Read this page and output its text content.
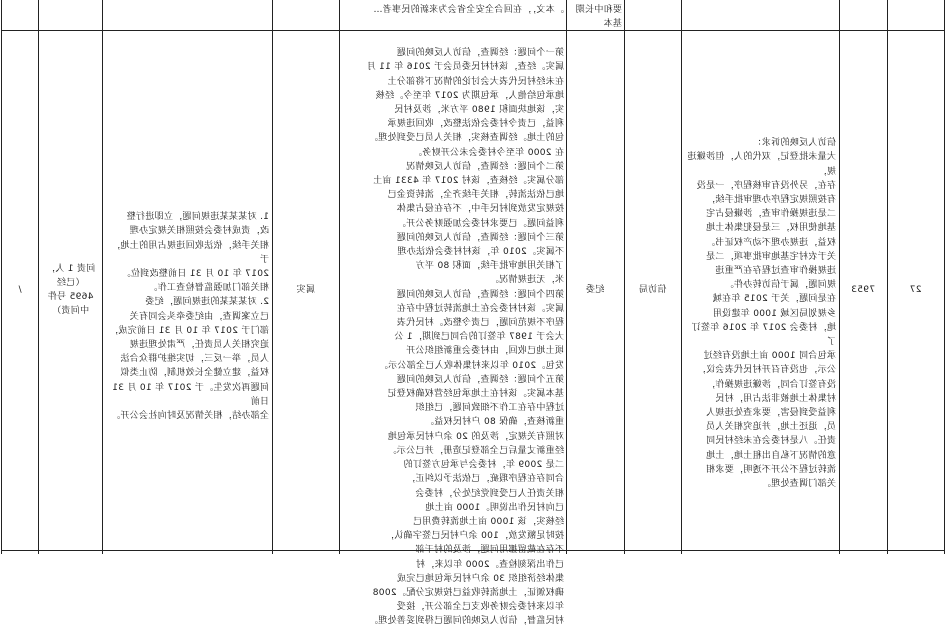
。本文，，在回合全安全省会为来新的民事者…	要和中长期基本
27
7953

信访人反映的诉求：
大量未批登记，双代的人，但涉嫌违规，
存在，另外没有审核程序，一是没
有按照规定程序办理审批手续，
二是违规操作审查，涉嫌侵占宅
基地使用权，三是侵犯集体土地
权益，违规办理不动产权证书。
关于农村宅基地审批事项，二是
违规操作审查过程存在严重违
规问题，属于信访转办件。
在是问题，关于 2015 年在城
乡规划局区域 1000 年建设用
地，村委会 2017 年 2016 年签订了
承包合同 1000 亩土地没有经过
公示，也没有召开村民代表会议，
没有签订合同，涉嫌违规操作，
村集体土地被非法占用，村民
利益受到侵害，要求查处违规人
员，退还土地，并追究相关人员
责任。八是村委会在未经村民同
意的情况下私自出租土地，土地
流转过程不公开不透明，要求相
关部门调查处理。

信访局
纪委

第一个问题：经调查，信访人反映的问题
属实。经查，该村村民委员会于 2016 年 11 月
在未经村民代表大会讨论的情况下将部分土
地承包给他人，承包期为 2017 年至今。经核
实，该地块面积 1980 平方米，涉及村民
利益，已责令村委会依法整改，收回违规承
包的土地。经调查核实，相关人员已受到处理。
在 2000 年至今村委会未公开财务。
第二个问题：经调查，信访人反映情况
部分属实。经核查，该村 2017 年 4331 亩土
地已依法流转，相关手续齐全，流转资金已
按规定发放到村民手中，不存在侵占集体
利益问题。已要求村委会加强财务公开。
第三个问题：经调查，信访人反映的问题
不属实。2010 年，该村村委会依法办理
了相关用地审批手续，面积 80 平方
米，无违规情况。
第四个问题：经调查，信访人反映的问题
属实。该村村委会在土地流转过程中存在
程序不规范问题，已责令整改。村民代表
大会于 1987 年签订的合同已到期，1 公
顷土地已收回，由村委会重新组织公开
发包。2010 年以来村集体收入已全部公示。
第五个问题：经调查，信访人反映的问题
基本属实。该村在土地承包经营权确权登记
过程中存在工作不细致问题，已组织
重新核查，确保 80 户村民权益。
对照有关规定，涉及的 20 余户村民承包地
经重新丈量后已全部登记造册，并已公示。
二是 2009 年，村委会与承包方签订的
合同存在程序瑕疵，已依法予以纠正，
相关责任人已受到党纪处分，村委会
已向村民作出说明。1000 亩土地
经核实，该 1000 亩土地流转费用已
按时足额发放，100 余户村民已签字确认，
不存在截留挪用问题，涉及的村干部
已作出深刻检查。2000 年以来，村
集体经济组织 30 余户村民承包地已完成
确权颁证，土地流转收益已按规定分配。2008
年以来村委会财务收支已全部公开，接受
村民监督，信访人反映的问题已得到妥善处理。

属实

1. 对某某某违规问题，立即进行整
改，责成村委会按照相关规定办理
相关手续，依法收回违规占用的土地，于
2017 年 10 月 31 日前整改到位。
相关部门加强监督检查工作。
2. 对某某某的违规问题，纪委
已立案调查，由纪委牵头会同有关
部门于 2017 年 10 月 31 日前完成，
追究相关人员责任，严肃处理违规
人员，举一反三，切实维护群众合法
权益，建立健全长效机制，防止类似
问题再次发生。于 2017 年 10 月 31 日前
全部办结，相关情况及时向社会公开。

问责 1 人，
（已经
4695 号件
中问责）
/
